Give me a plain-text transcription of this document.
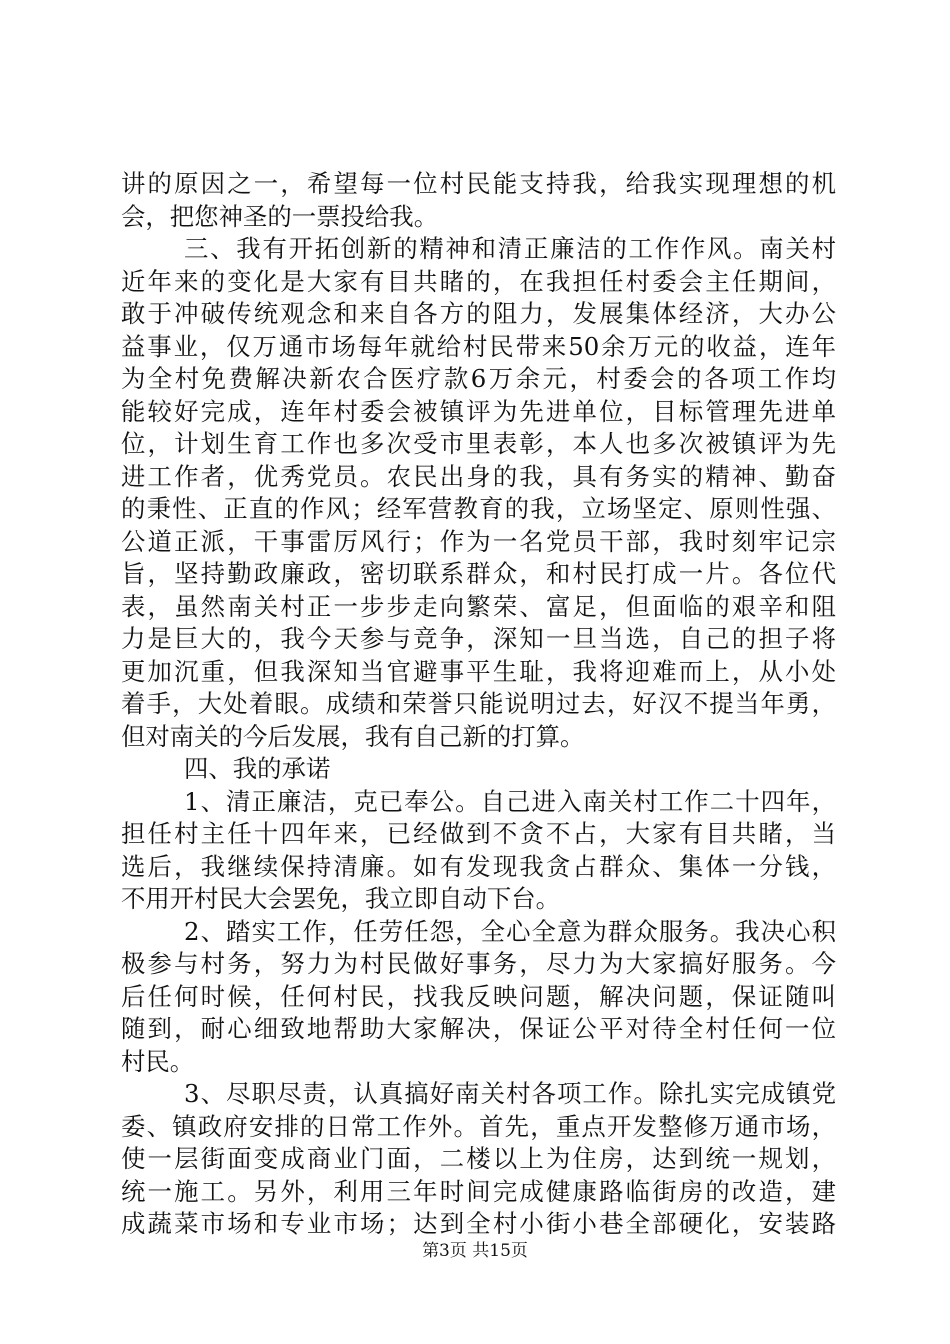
讲的原因之一，希望每一位村民能支持我，给我实现理想的机
会，把您神圣的一票投给我。
三、我有开拓创新的精神和清正廉洁的工作作风。南关村
近年来的变化是大家有目共睹的，在我担任村委会主任期间，
敢于冲破传统观念和来自各方的阻力，发展集体经济，大办公
益事业，仅万通市场每年就给村民带来50余万元的收益，连年
为全村免费解决新农合医疗款6万余元，村委会的各项工作均
能较好完成，连年村委会被镇评为先进单位，目标管理先进单
位，计划生育工作也多次受市里表彰，本人也多次被镇评为先
进工作者，优秀党员。农民出身的我，具有务实的精神、勤奋
的秉性、正直的作风；经军营教育的我，立场坚定、原则性强、
公道正派，干事雷厉风行；作为一名党员干部，我时刻牢记宗
旨，坚持勤政廉政，密切联系群众，和村民打成一片。各位代
表，虽然南关村正一步步走向繁荣、富足，但面临的艰辛和阻
力是巨大的，我今天参与竞争，深知一旦当选，自己的担子将
更加沉重，但我深知当官避事平生耻，我将迎难而上，从小处
着手，大处着眼。成绩和荣誉只能说明过去，好汉不提当年勇，
但对南关的今后发展，我有自己新的打算。
四、我的承诺
1、清正廉洁，克已奉公。自己进入南关村工作二十四年，
担任村主任十四年来，已经做到不贪不占，大家有目共睹，当
选后，我继续保持清廉。如有发现我贪占群众、集体一分钱，
不用开村民大会罢免，我立即自动下台。
2、踏实工作，任劳任怨，全心全意为群众服务。我决心积
极参与村务，努力为村民做好事务，尽力为大家搞好服务。今
后任何时候，任何村民，找我反映问题，解决问题，保证随叫
随到，耐心细致地帮助大家解决，保证公平对待全村任何一位
村民。
3、尽职尽责，认真搞好南关村各项工作。除扎实完成镇党
委、镇政府安排的日常工作外。首先，重点开发整修万通市场，
使一层街面变成商业门面，二楼以上为住房，达到统一规划，
统一施工。另外，利用三年时间完成健康路临街房的改造，建
成蔬菜市场和专业市场；达到全村小街小巷全部硬化，安装路
第3页 共15页
